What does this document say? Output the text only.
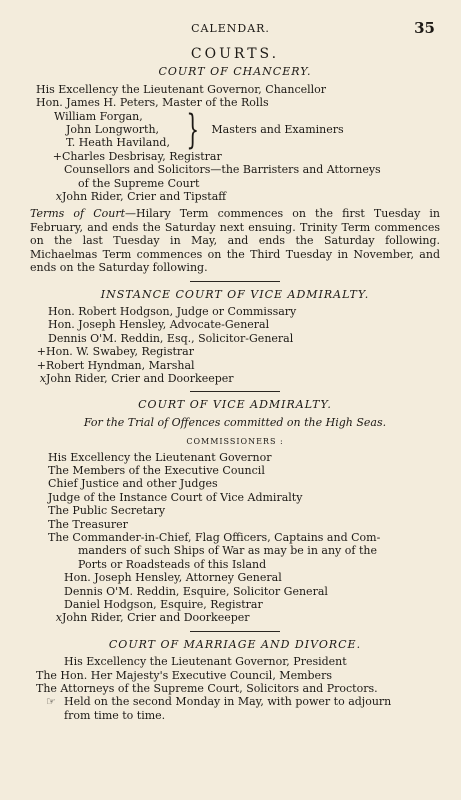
CALENDAR.	35
COURTS.
COURT OF CHANCERY.
His Excellency the Lieutenant Governor, Chancellor
Hon. James H. Peters, Master of the Rolls
William Forgan,
John Longworth,
T. Heath Haviland, } Masters and Examiners
+Charles Desbrisay, Registrar
Counsellors and Solicitors—the Barristers and Attorneys
of the Supreme Court
xJohn Rider, Crier and Tipstaff
Terms of Court—Hilary Term commences on the first Tuesday in February, and ends the Saturday next ensuing. Trinity Term commences on the last Tuesday in May, and ends the Saturday following. Michaelmas Term commences on the Third Tuesday in November, and ends on the Saturday following.
INSTANCE COURT OF VICE ADMIRALTY.
Hon. Robert Hodgson, Judge or Commissary
Hon. Joseph Hensley, Advocate-General
Dennis O'M. Reddin, Esq., Solicitor-General
+Hon. W. Swabey, Registrar
+Robert Hyndman, Marshal
xJohn Rider, Crier and Doorkeeper
COURT OF VICE ADMIRALTY.
For the Trial of Offences committed on the High Seas.
COMMISSIONERS :
His Excellency the Lieutenant Governor
The Members of the Executive Council
Chief Justice and other Judges
Judge of the Instance Court of Vice Admiralty
The Public Secretary
The Treasurer
The Commander-in-Chief, Flag Officers, Captains and Com-
manders of such Ships of War as may be in any of the
Ports or Roadsteads of this Island
Hon. Joseph Hensley, Attorney General
Dennis O'M. Reddin, Esquire, Solicitor General
Daniel Hodgson, Esquire, Registrar
xJohn Rider, Crier and Doorkeeper
COURT OF MARRIAGE AND DIVORCE.
His Excellency the Lieutenant Governor, President
The Hon. Her Majesty's Executive Council, Members
The Attorneys of the Supreme Court, Solicitors and Proctors.
☞ Held on the second Monday in May, with power to adjourn
from time to time.
